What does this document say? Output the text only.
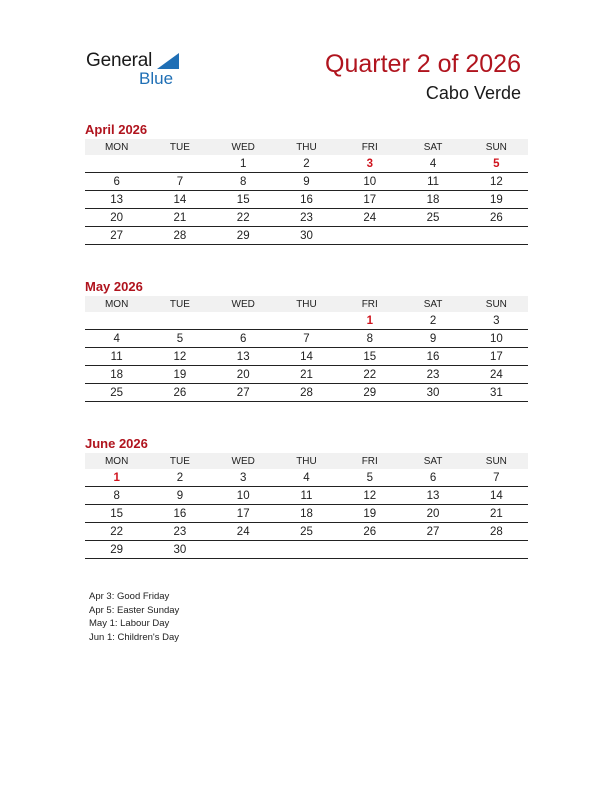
General
Blue
Quarter 2 of 2026
Cabo Verde
April 2026
MON	TUE	WED	THU	FRI	SAT	SUN
		1	2	3	4	5
6	7	8	9	10	11	12
13	14	15	16	17	18	19
20	21	22	23	24	25	26
27	28	29	30			
May 2026
MON	TUE	WED	THU	FRI	SAT	SUN
				1	2	3
4	5	6	7	8	9	10
11	12	13	14	15	16	17
18	19	20	21	22	23	24
25	26	27	28	29	30	31
June 2026
MON	TUE	WED	THU	FRI	SAT	SUN
1	2	3	4	5	6	7
8	9	10	11	12	13	14
15	16	17	18	19	20	21
22	23	24	25	26	27	28
29	30					
Apr 3: Good Friday
Apr 5: Easter Sunday
May 1: Labour Day
Jun 1: Children's Day
